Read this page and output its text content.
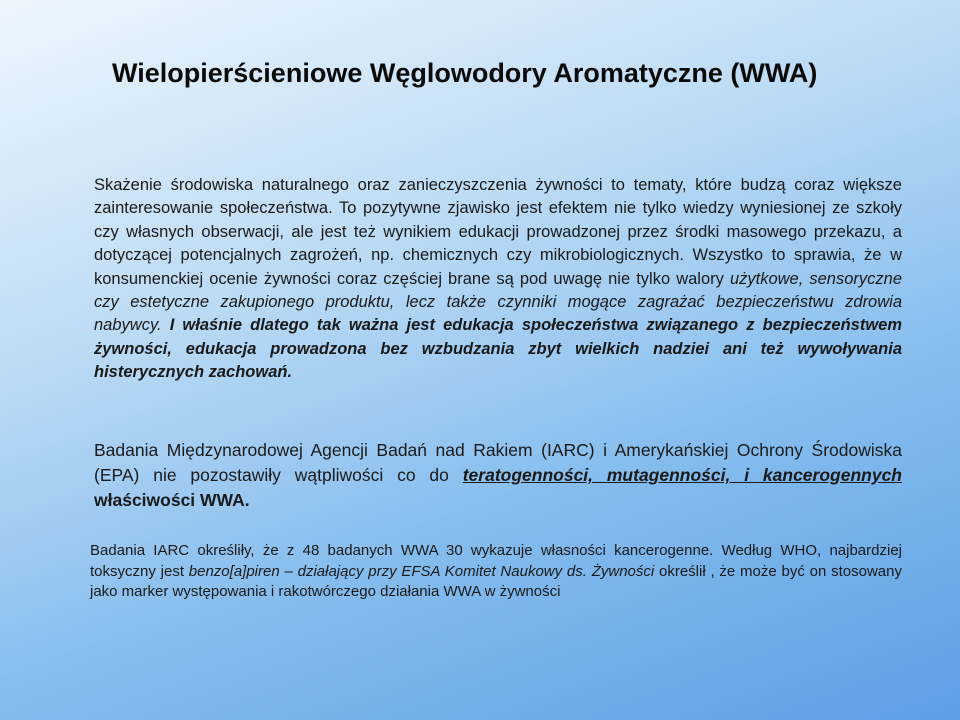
Wielopierścieniowe Węglowodory Aromatyczne (WWA)

Skażenie środowiska naturalnego oraz zanieczyszczenia żywności to tematy, które budzą coraz większe zainteresowanie społeczeństwa. To pozytywne zjawisko jest efektem nie tylko wiedzy wyniesionej ze szkoły czy własnych obserwacji, ale jest też wynikiem edukacji prowadzonej przez środki masowego przekazu, a dotyczącej potencjalnych zagrożeń, np. chemicznych czy mikrobiologicznych. Wszystko to sprawia, że w konsumenckiej ocenie żywności coraz częściej brane są pod uwagę nie tylko walory użytkowe, sensoryczne czy estetyczne zakupionego produktu, lecz także czynniki mogące zagrażać bezpieczeństwu zdrowia nabywcy. I właśnie dlatego tak ważna jest edukacja społeczeństwa związanego z bezpieczeństwem żywności, edukacja prowadzona bez wzbudzania zbyt wielkich nadziei ani też wywoływania histerycznych zachowań.

Badania Międzynarodowej Agencji Badań nad Rakiem (IARC) i Amerykańskiej Ochrony Środowiska (EPA) nie pozostawiły wątpliwości co do teratogenności, mutagenności, i kancerogennych właściwości WWA.

Badania IARC określiły, że z 48 badanych WWA 30 wykazuje własności kancerogenne. Według WHO, najbardziej toksyczny jest benzo[a]piren – działający przy EFSA Komitet Naukowy ds. Żywności określił , że może być on stosowany jako marker występowania i rakotwórczego działania WWA w żywności
